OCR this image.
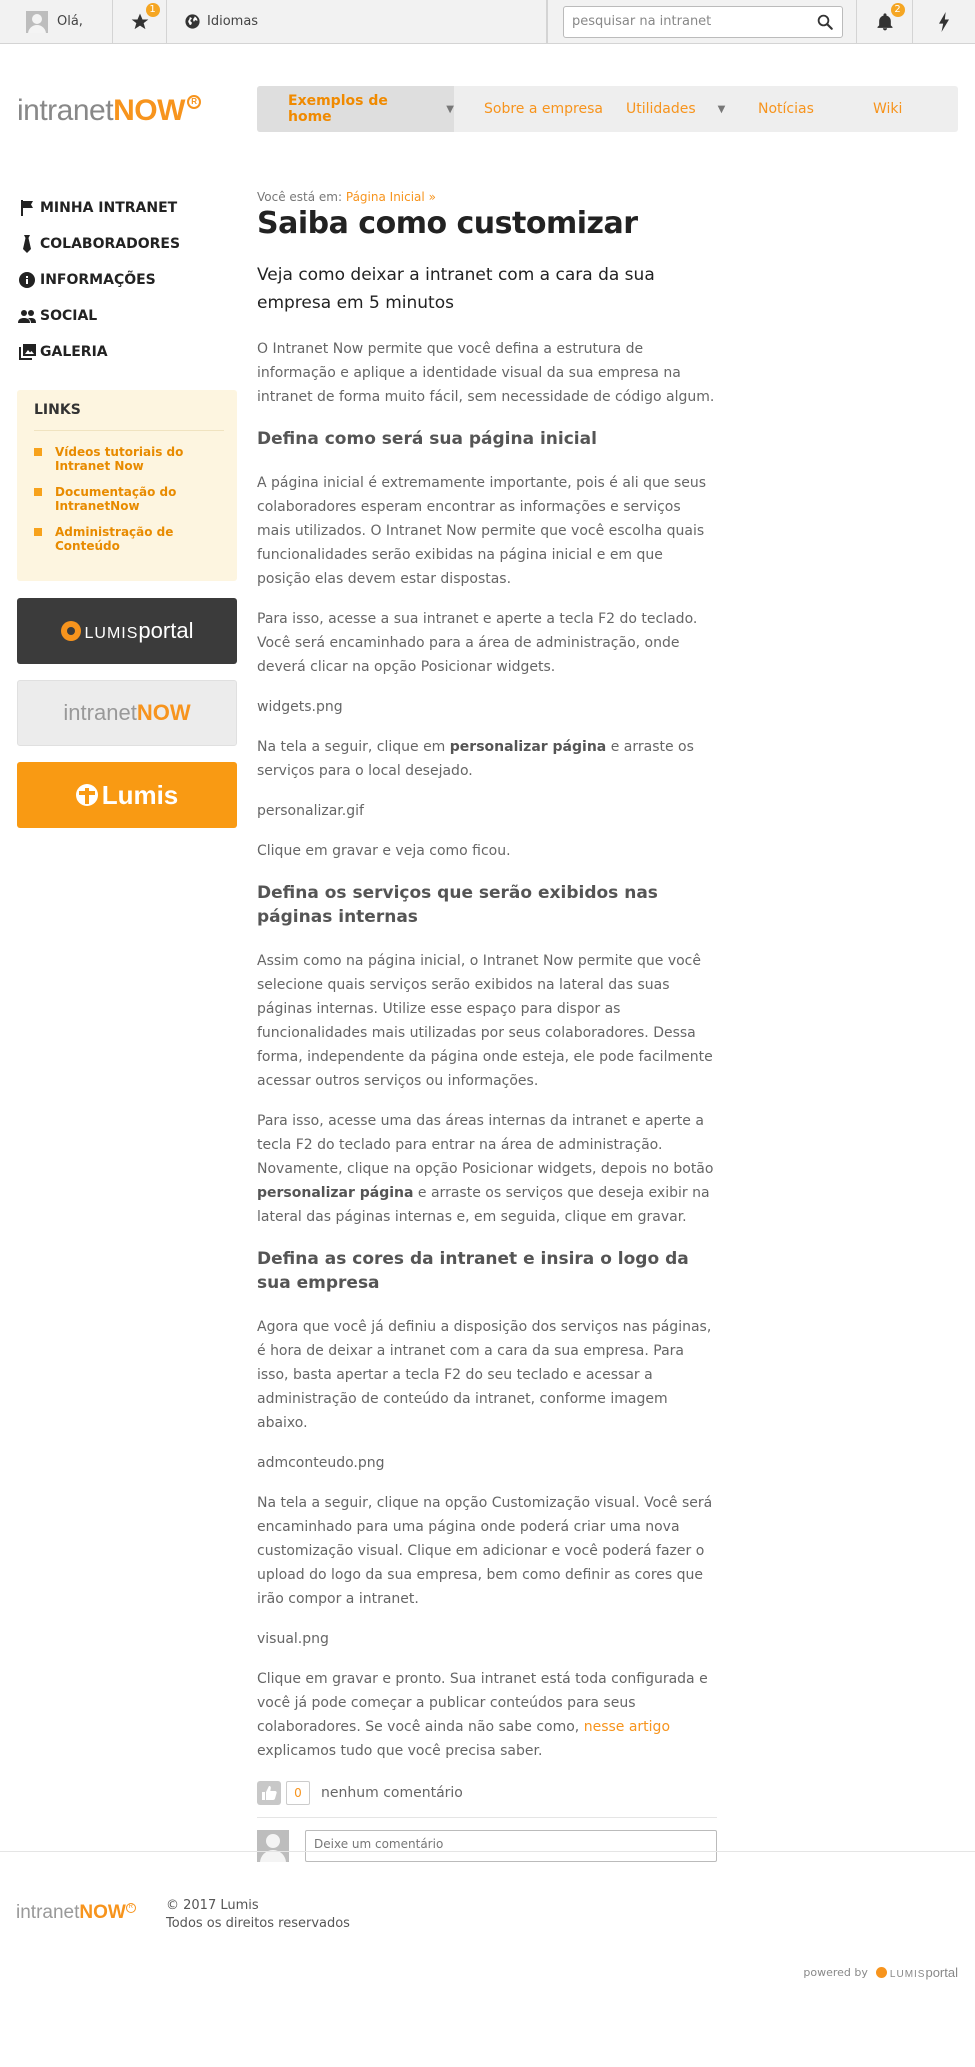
Olá,
1
Idiomas
pesquisar na intranet
2
intranetNOW R	Exemplos de home	▼ Sobre a empresa Utilidades ▼ Notícias	Wiki
MINHA INTRANET
COLABORADORES
INFORMAÇÕES
SOCIAL
GALERIA
LINKS
Vídeos tutoriais do Intranet Now
Documentação do IntranetNow
Administração de Conteúdo
LUMISportal
intranetNOW
Lumis
Você está em: Página Inicial »
Saiba como customizar

Veja como deixar a intranet com a cara da sua empresa em 5 minutos

O Intranet Now permite que você defina a estrutura de informação e aplique a identidade visual da sua empresa na intranet de forma muito fácil, sem necessidade de código algum.

Defina como será sua página inicial

A página inicial é extremamente importante, pois é ali que seus colaboradores esperam encontrar as informações e serviços mais utilizados. O Intranet Now permite que você escolha quais funcionalidades serão exibidas na página inicial e em que posição elas devem estar dispostas.

Para isso, acesse a sua intranet e aperte a tecla F2 do teclado. Você será encaminhado para a área de administração, onde deverá clicar na opção Posicionar widgets.

widgets.png

Na tela a seguir, clique em personalizar página e arraste os serviços para o local desejado.

personalizar.gif

Clique em gravar e veja como ficou.

Defina os serviços que serão exibidos nas páginas internas

Assim como na página inicial, o Intranet Now permite que você selecione quais serviços serão exibidos na lateral das suas páginas internas. Utilize esse espaço para dispor as funcionalidades mais utilizadas por seus colaboradores. Dessa forma, independente da página onde esteja, ele pode facilmente acessar outros serviços ou informações.

Para isso, acesse uma das áreas internas da intranet e aperte a tecla F2 do teclado para entrar na área de administração. Novamente, clique na opção Posicionar widgets, depois no botão personalizar página e arraste os serviços que deseja exibir na lateral das páginas internas e, em seguida, clique em gravar.

Defina as cores da intranet e insira o logo da sua empresa

Agora que você já definiu a disposição dos serviços nas páginas, é hora de deixar a intranet com a cara da sua empresa. Para isso, basta apertar a tecla F2 do seu teclado e acessar a administração de conteúdo da intranet, conforme imagem abaixo.

admconteudo.png

Na tela a seguir, clique na opção Customização visual. Você será encaminhado para uma página onde poderá criar uma nova customização visual. Clique em adicionar e você poderá fazer o upload do logo da sua empresa, bem como definir as cores que irão compor a intranet.

visual.png

Clique em gravar e pronto. Sua intranet está toda configurada e você já pode começar a publicar conteúdos para seus colaboradores. Se você ainda não sabe como, nesse artigo explicamos tudo que você precisa saber.

0	nenhum comentário
Deixe um comentário
intranetNOW R	© 2017 Lumis
Todos os direitos reservados
powered by LUMISportal
